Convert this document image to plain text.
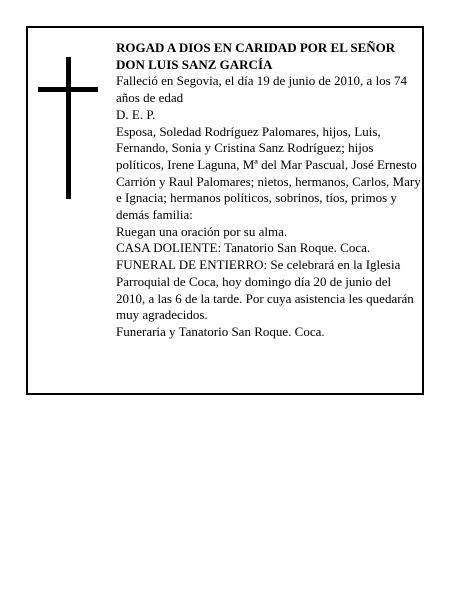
ROGAD A DIOS EN CARIDAD POR EL SEÑOR DON LUIS SANZ GARCÍA

Falleció en Segovia, el día 19 de junio de 2010, a los 74 años de edad

D. E. P.

Esposa, Soledad Rodríguez Palomares, hijos, Luis, Fernando, Sonia y Cristina Sanz Rodríguez; hijos políticos, Irene Laguna, Mª del Mar Pascual, José Ernesto Carrión y Raul Palomares; nietos, hermanos, Carlos, Mary e Ignacia; hermanos políticos, sobrinos, tíos, primos y demás familia:

Ruegan una oración por su alma.

CASA DOLIENTE: Tanatorio San Roque. Coca.

FUNERAL DE ENTIERRO: Se celebrará en la Iglesia Parroquial de Coca, hoy domingo día 20 de junio del 2010, a las 6 de la tarde. Por cuya asistencia les quedarán muy agradecidos.

Funeraria y Tanatorio San Roque. Coca.
